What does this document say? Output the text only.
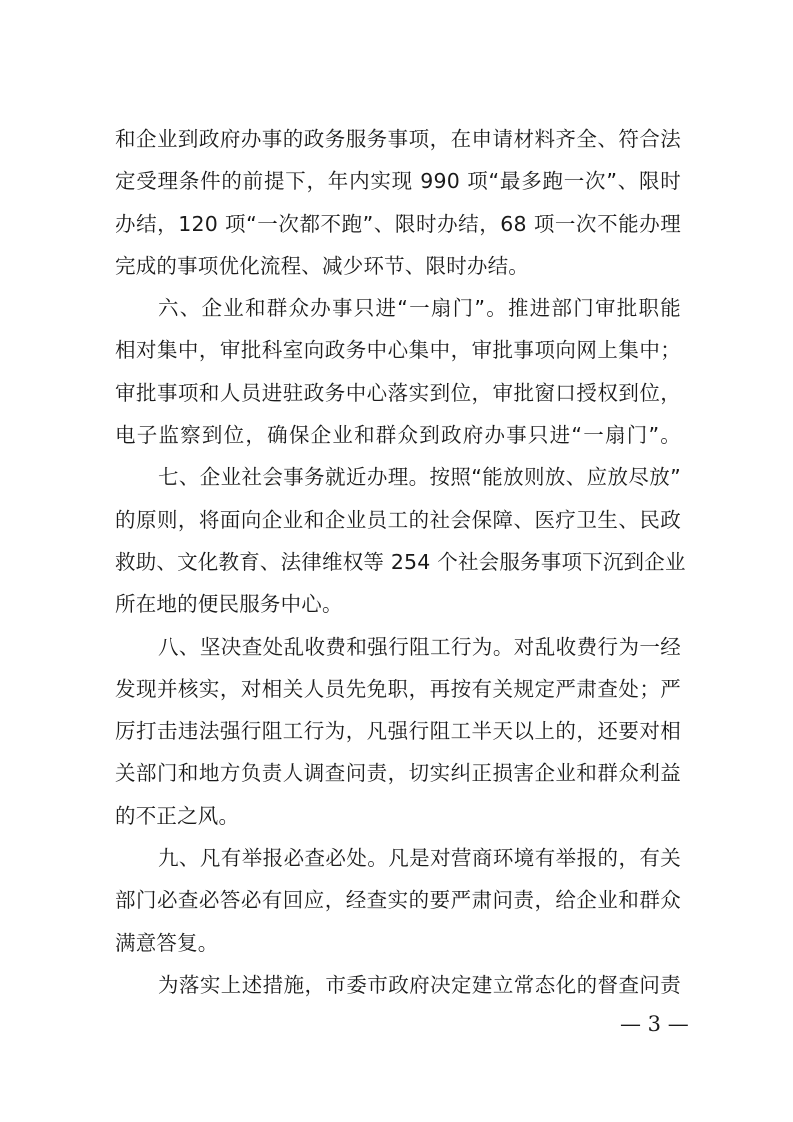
和企业到政府办事的政务服务事项，在申请材料齐全、符合法
定受理条件的前提下，年内实现 990 项“最多跑一次”、限时
办结，120 项“一次都不跑”、限时办结，68 项一次不能办理
完成的事项优化流程、减少环节、限时办结。
六、企业和群众办事只进“一扇门”。推进部门审批职能
相对集中，审批科室向政务中心集中，审批事项向网上集中；
审批事项和人员进驻政务中心落实到位，审批窗口授权到位，
电子监察到位，确保企业和群众到政府办事只进“一扇门”。
七、企业社会事务就近办理。按照“能放则放、应放尽放”
的原则，将面向企业和企业员工的社会保障、医疗卫生、民政
救助、文化教育、法律维权等 254 个社会服务事项下沉到企业
所在地的便民服务中心。
八、坚决查处乱收费和强行阻工行为。对乱收费行为一经
发现并核实，对相关人员先免职，再按有关规定严肃查处；严
厉打击违法强行阻工行为，凡强行阻工半天以上的，还要对相
关部门和地方负责人调查问责，切实纠正损害企业和群众利益
的不正之风。
九、凡有举报必查必处。凡是对营商环境有举报的，有关
部门必查必答必有回应，经查实的要严肃问责，给企业和群众
满意答复。
为落实上述措施，市委市政府决定建立常态化的督查问责
— 3 —
